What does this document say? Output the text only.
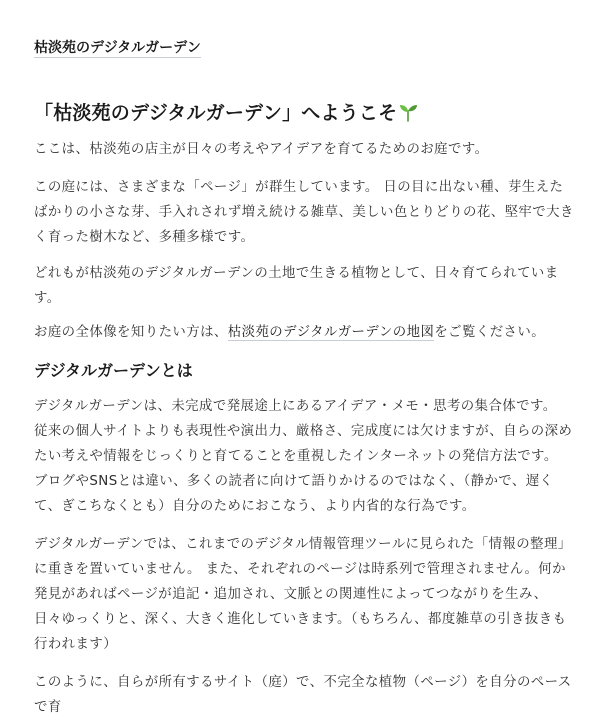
枯淡苑のデジタルガーデン
「枯淡苑のデジタルガーデン」へようこそ

ここは、枯淡苑の店主が日々の考えやアイデアを育てるためのお庭です。

この庭には、さまざまな「ページ」が群生しています。 日の目に出ない種、芽生えたばかりの小さな芽、手入れされず増え続ける雑草、美しい色とりどりの花、堅牢で大きく育った樹木など、多種多様です。

どれもが枯淡苑のデジタルガーデンの土地で生きる植物として、日々育てられています。

お庭の全体像を知りたい方は、枯淡苑のデジタルガーデンの地図をご覧ください。

デジタルガーデンとは

デジタルガーデンは、未完成で発展途上にあるアイデア・メモ・思考の集合体です。 従来の個人サイトよりも表現性や演出力、厳格さ、完成度には欠けますが、自らの深めたい考えや情報をじっくりと育てることを重視したインターネットの発信方法です。 ブログやSNSとは違い、多くの読者に向けて語りかけるのではなく、（静かで、遅くて、ぎこちなくとも）自分のためにおこなう、より内省的な行為です。

デジタルガーデンでは、これまでのデジタル情報管理ツールに見られた「情報の整理」に重きを置いていません。 また、それぞれのページは時系列で管理されません。何か発見があればページが追記・追加され、文脈との関連性によってつながりを生み、日々ゆっくりと、深く、大きく進化していきます。（もちろん、都度雑草の引き抜きも行われます）

このように、自らが所有するサイト（庭）で、不完全な植物（ページ）を自分のペースで育
